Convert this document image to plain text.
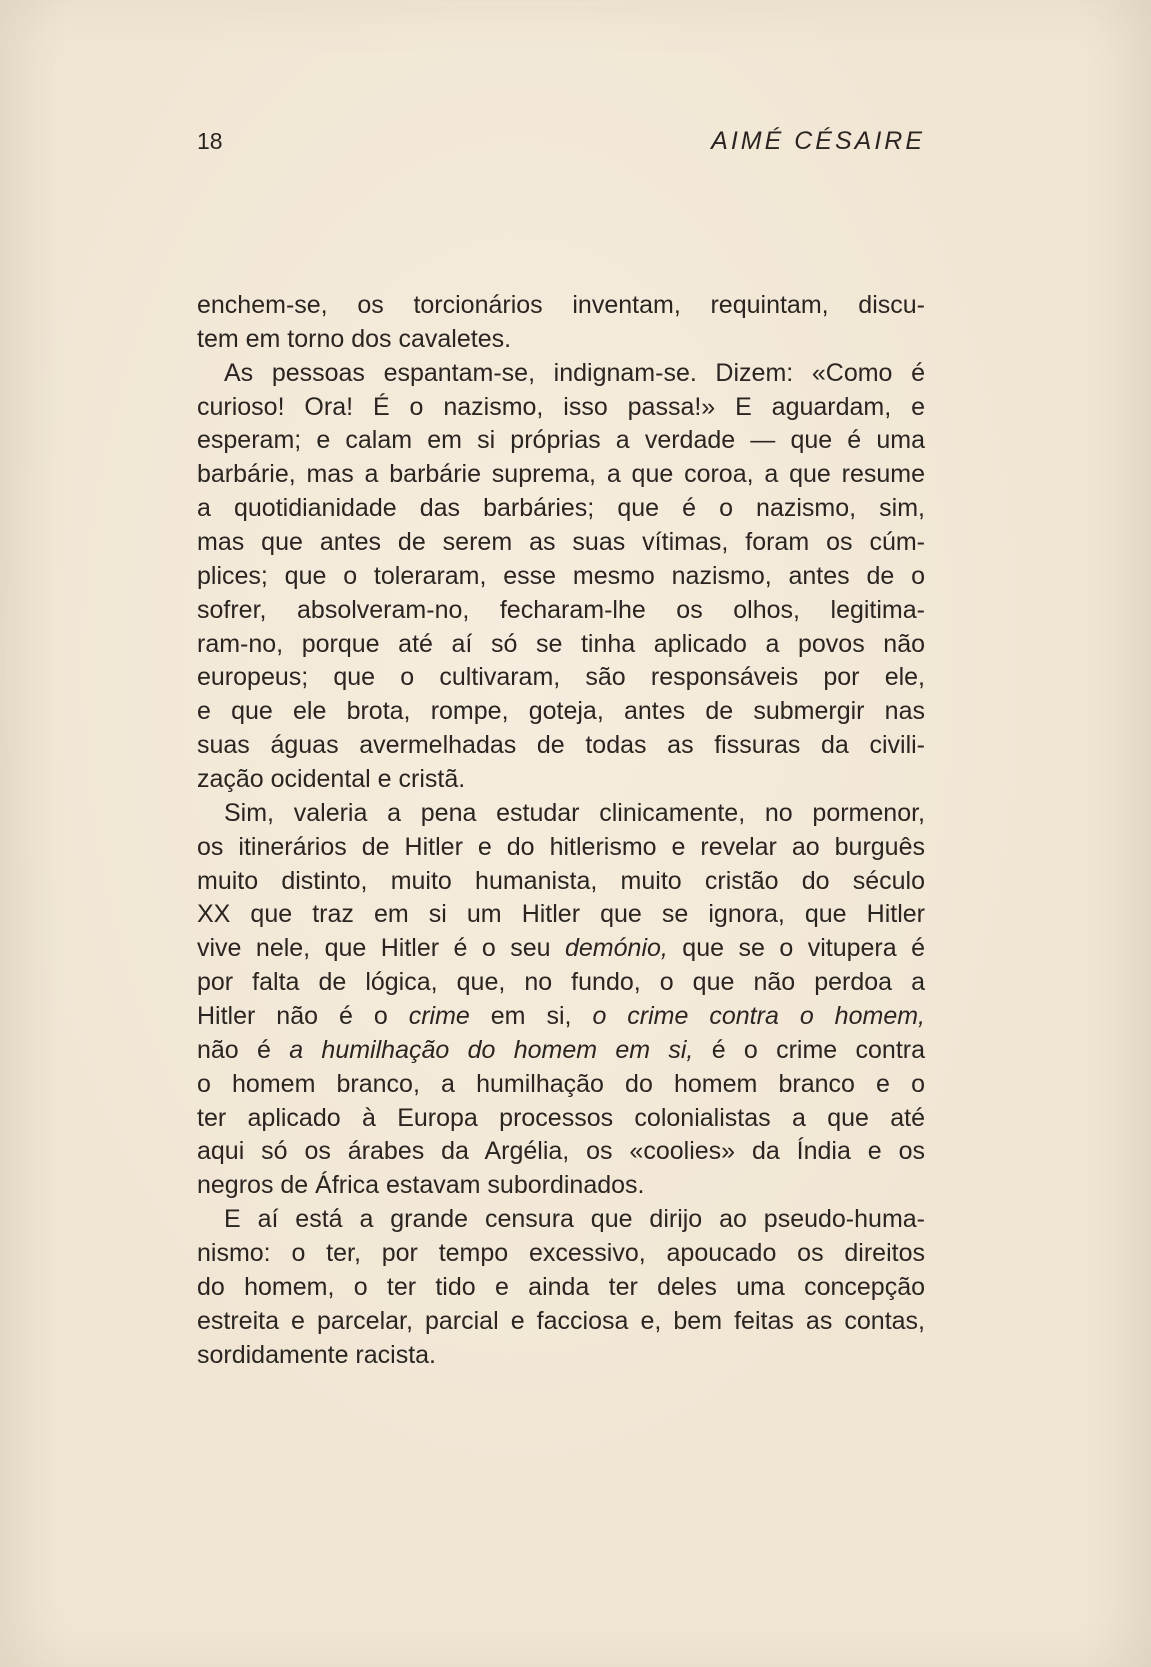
18	AIMÉ CÉSAIRE
enchem-se, os torcionários inventam, requintam, discu-
tem em torno dos cavaletes.
As pessoas espantam-se, indignam-se. Dizem: «Como é
curioso! Ora! É o nazismo, isso passa!» E aguardam, e
esperam; e calam em si próprias a verdade — que é uma
barbárie, mas a barbárie suprema, a que coroa, a que resume
a quotidianidade das barbáries; que é o nazismo, sim,
mas que antes de serem as suas vítimas, foram os cúm-
plices; que o toleraram, esse mesmo nazismo, antes de o
sofrer, absolveram-no, fecharam-lhe os olhos, legitima-
ram-no, porque até aí só se tinha aplicado a povos não
europeus; que o cultivaram, são responsáveis por ele,
e que ele brota, rompe, goteja, antes de submergir nas
suas águas avermelhadas de todas as fissuras da civili-
zação ocidental e cristã.
Sim, valeria a pena estudar clinicamente, no pormenor,
os itinerários de Hitler e do hitlerismo e revelar ao burguês
muito distinto, muito humanista, muito cristão do século
XX que traz em si um Hitler que se ignora, que Hitler
vive nele, que Hitler é o seu demónio, que se o vitupera é
por falta de lógica, que, no fundo, o que não perdoa a
Hitler não é o crime em si, o crime contra o homem,
não é a humilhação do homem em si, é o crime contra
o homem branco, a humilhação do homem branco e o
ter aplicado à Europa processos colonialistas a que até
aqui só os árabes da Argélia, os «coolies» da Índia e os
negros de África estavam subordinados.
E aí está a grande censura que dirijo ao pseudo-huma-
nismo: o ter, por tempo excessivo, apoucado os direitos
do homem, o ter tido e ainda ter deles uma concepção
estreita e parcelar, parcial e facciosa e, bem feitas as contas,
sordidamente racista.
